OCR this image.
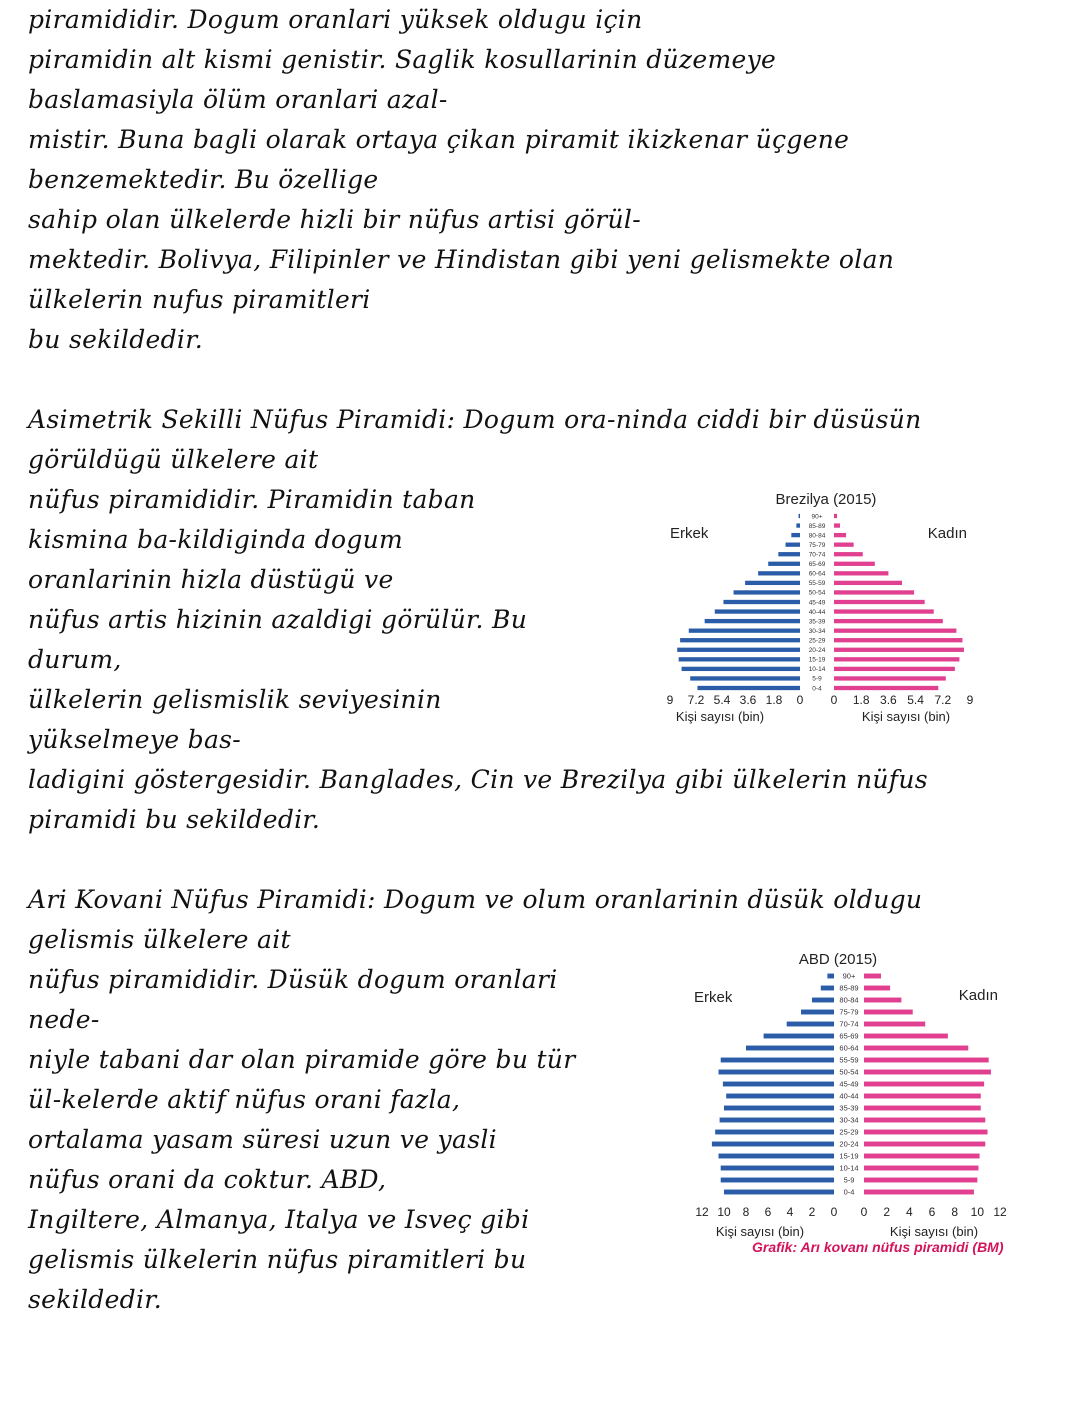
piramididir. Dogum oranlari yüksek oldugu için
piramidin alt kismi genistir. Saglik kosullarinin düzemeye
baslamasiyla ölüm oranlari azal-
mistir. Buna bagli olarak ortaya çikan piramit ikizkenar üçgene
benzemektedir. Bu özellige
sahip olan ülkelerde hizli bir nüfus artisi görül-
mektedir. Bolivya, Filipinler ve Hindistan gibi yeni gelismekte olan
ülkelerin nufus piramitleri
bu sekildedir.
Asimetrik Sekilli Nüfus Piramidi: Dogum ora-ninda ciddi bir düsüsün
görüldügü ülkelere ait
nüfus piramididir. Piramidin taban
kismina ba-kildiginda dogum
oranlarinin hizla düstügü ve
nüfus artis hizinin azaldigi görülür. Bu
durum,
ülkelerin gelismislik seviyesinin
yükselmeye bas-
ladigini göstergesidir. Banglades, Cin ve Brezilya gibi ülkelerin nüfus
piramidi bu sekildedir.
Ari Kovani Nüfus Piramidi: Dogum ve olum oranlarinin düsük oldugu
gelismis ülkelere ait
nüfus piramididir. Düsük dogum oranlari
nede-
niyle tabani dar olan piramide göre bu tür
ül-kelerde aktif nüfus orani fazla,
ortalama yasam süresi uzun ve yasli
nüfus orani da coktur. ABD,
Ingiltere, Almanya, Italya ve Isveç gibi
gelismis ülkelerin nüfus piramitleri bu
sekildedir.
Brezilya (2015)
Erkek	Kadın
Kişi sayısı (bin)	Kişi sayısı (bin)
90+
85-89
80-84
75-79
70-74
65-69
60-64
55-59
50-54
45-49
40-44
35-39
30-34
25-29
20-24
15-19
10-14
5-9
0-4
9 7.2 5.4 3.6 1.8 0 0 1.8 3.6 5.4 7.2 9
ABD (2015)
Erkek	Kadın
Kişi sayısı (bin)	Kişi sayısı (bin)
90+
85-89
80-84
75-79
70-74
65-69
60-64
55-59
50-54
45-49
40-44
35-39
30-34
25-29
20-24
15-19
10-14
5-9
0-4
12 10 8 6 4 2 0 0 2 4 6 8 10 12
Grafik: Arı kovanı nüfus piramidi (BM)
